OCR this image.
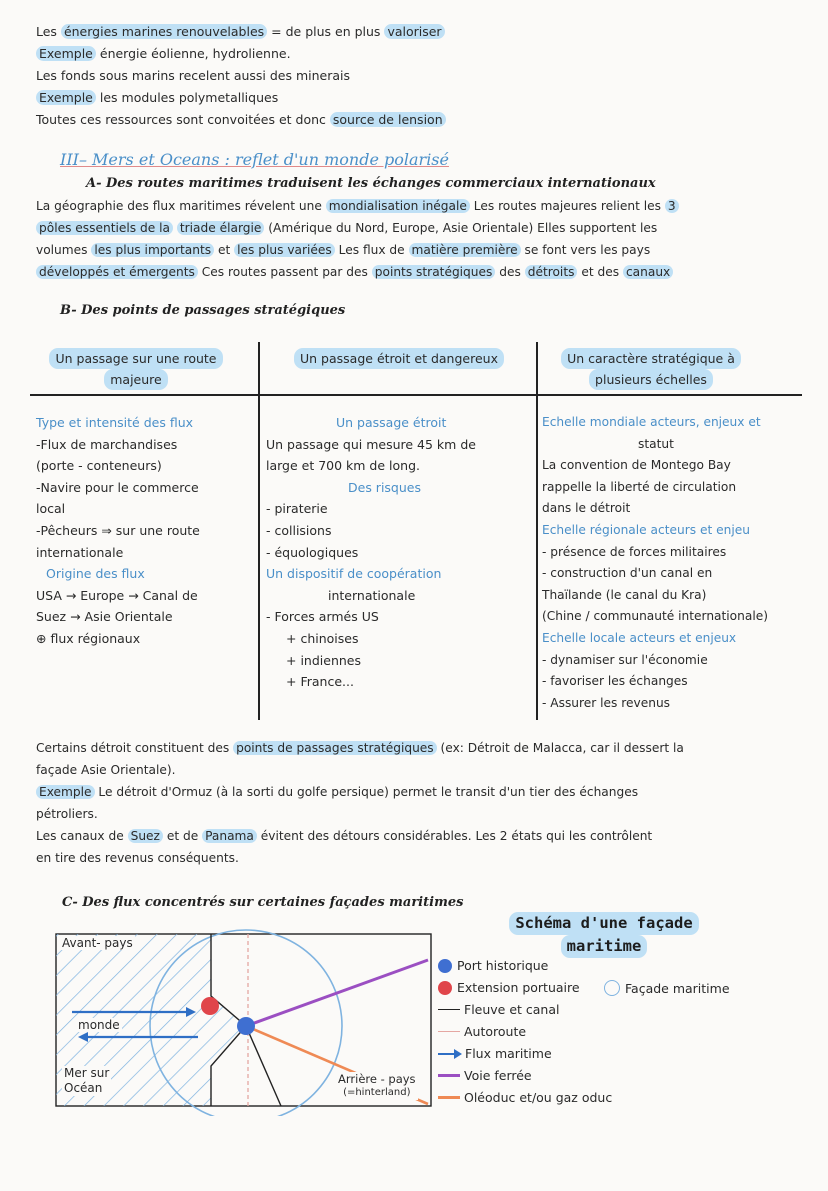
Les énergies marines renouvelables = de plus en plus valoriser
Exemple énergie éolienne, hydrolienne.
Les fonds sous marins recelent aussi des minerais
Exemple les modules polymetalliques
Toutes ces ressources sont convoitées et donc source de lension
III– Mers et Oceans : reflet d'un monde polarisé
A- Des routes maritimes traduisent les échanges commerciaux internationaux
La géographie des flux maritimes révelent une mondialisation inégale Les routes majeures relient les 3
pôles essentiels de la triade élargie (Amérique du Nord, Europe, Asie Orientale) Elles supportent les
volumes les plus importants et les plus variées Les flux de matière première se font vers les pays
développés et émergents Ces routes passent par des points stratégiques des détroits et des canaux
B- Des points de passages stratégiques
Un passage sur une route
majeure
Un passage étroit et dangereux	Un caractère stratégique à
plusieurs échelles
Type et intensité des flux
-Flux de marchandises
(porte - conteneurs)
-Navire pour le commerce
local
-Pêcheurs ⇒ sur une route
internationale
Origine des flux
USA → Europe → Canal de
Suez → Asie Orientale
⊕ flux régionaux
Un passage étroit
Un passage qui mesure 45 km de
large et 700 km de long.
Des risques
- piraterie
- collisions
- équologiques
Un dispositif de coopération
internationale
- Forces armés US
+ chinoises
+ indiennes
+ France...
Echelle mondiale acteurs, enjeux et
statut
La convention de Montego Bay
rappelle la liberté de circulation
dans le détroit
Echelle régionale acteurs et enjeu
- présence de forces militaires
- construction d'un canal en
Thaïlande (le canal du Kra)
(Chine / communauté internationale)
Echelle locale acteurs et enjeux
- dynamiser sur l'économie
- favoriser les échanges
- Assurer les revenus
Certains détroit constituent des points de passages stratégiques (ex: Détroit de Malacca, car il dessert la
façade Asie Orientale).
Exemple Le détroit d'Ormuz (à la sorti du golfe persique) permet le transit d'un tier des échanges
pétroliers.
Les canaux de Suez et de Panama évitent des détours considérables. Les 2 états qui les contrôlent
en tire des revenus conséquents.
C- Des flux concentrés sur certaines façades maritimes
Avant- pays
monde
Mer sur
Océan
Arrière - pays
(=hinterland)
Schéma d'une façade
maritime
Port historique
Extension portuaire	Façade maritime
Fleuve et canal
Autoroute
Flux maritime
Voie ferrée
Oléoduc et/ou gaz oduc
